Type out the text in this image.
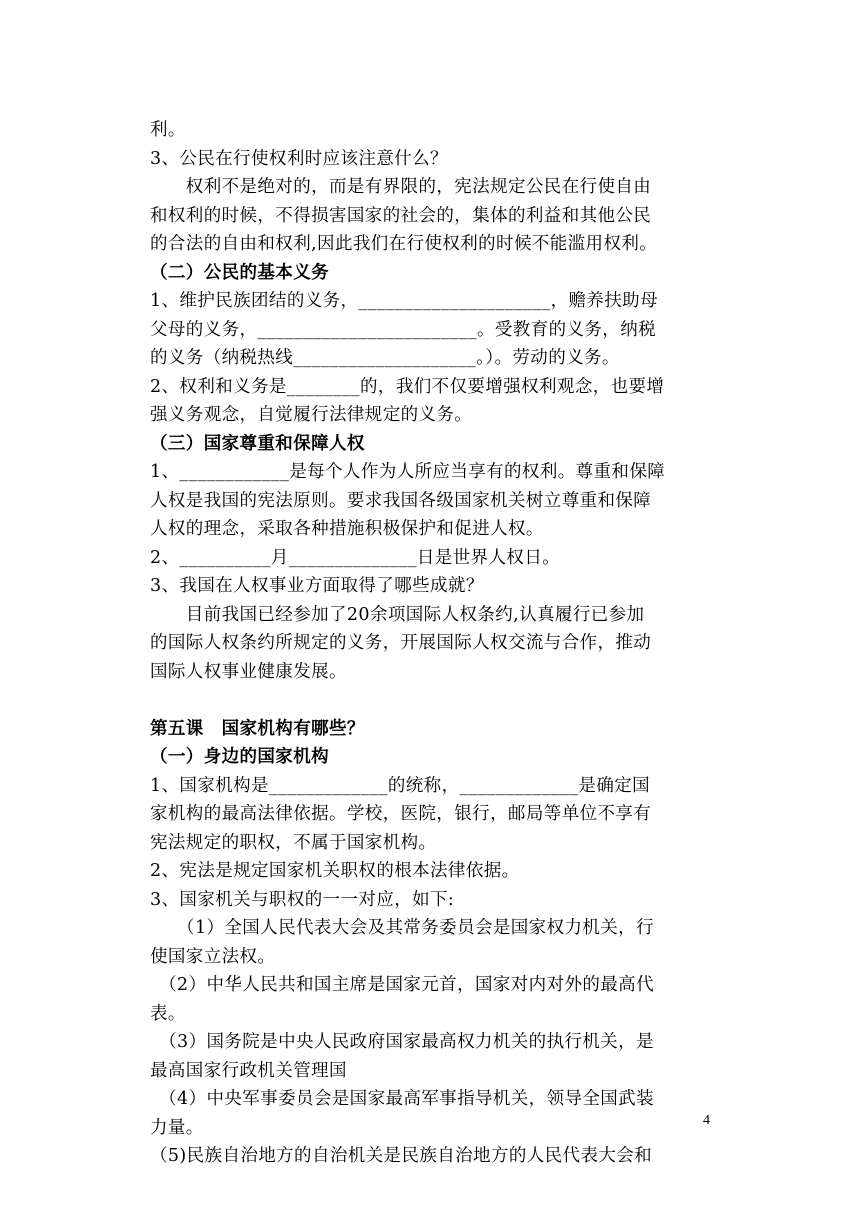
利。
3、公民在行使权利时应该注意什么？
　　权利不是绝对的，而是有界限的，宪法规定公民在行使自由
和权利的时候，不得损害国家的社会的，集体的利益和其他公民
的合法的自由和权利,因此我们在行使权利的时候不能滥用权利。
（二）公民的基本义务
1、维护民族团结的义务，_____________________，赡养扶助母
父母的义务，________________________。受教育的义务，纳税
的义务（纳税热线____________________。）。劳动的义务。
2、权利和义务是________的，我们不仅要增强权利观念，也要增
强义务观念，自觉履行法律规定的义务。
（三）国家尊重和保障人权
1、____________是每个人作为人所应当享有的权利。尊重和保障
人权是我国的宪法原则。要求我国各级国家机关树立尊重和保障
人权的理念，采取各种措施积极保护和促进人权。
2、__________月______________日是世界人权日。
3、我国在人权事业方面取得了哪些成就？
　　目前我国已经参加了20余项国际人权条约,认真履行已参加
的国际人权条约所规定的义务，开展国际人权交流与合作，推动
国际人权事业健康发展。
第五课　国家机构有哪些？
（一）身边的国家机构
1、国家机构是_____________的统称，_____________是确定国
家机构的最高法律依据。学校，医院，银行，邮局等单位不享有
宪法规定的职权，不属于国家机构。
2、宪法是规定国家机关职权的根本法律依据。
3、国家机关与职权的一一对应，如下:
　　（1）全国人民代表大会及其常务委员会是国家权力机关，行
使国家立法权。
　（2）中华人民共和国主席是国家元首，国家对内对外的最高代
表。
　（3）国务院是中央人民政府国家最高权力机关的执行机关，是
最高国家行政机关管理国
　（4）中央军事委员会是国家最高军事指导机关，领导全国武装
力量。
（5)民族自治地方的自治机关是民族自治地方的人民代表大会和
4
